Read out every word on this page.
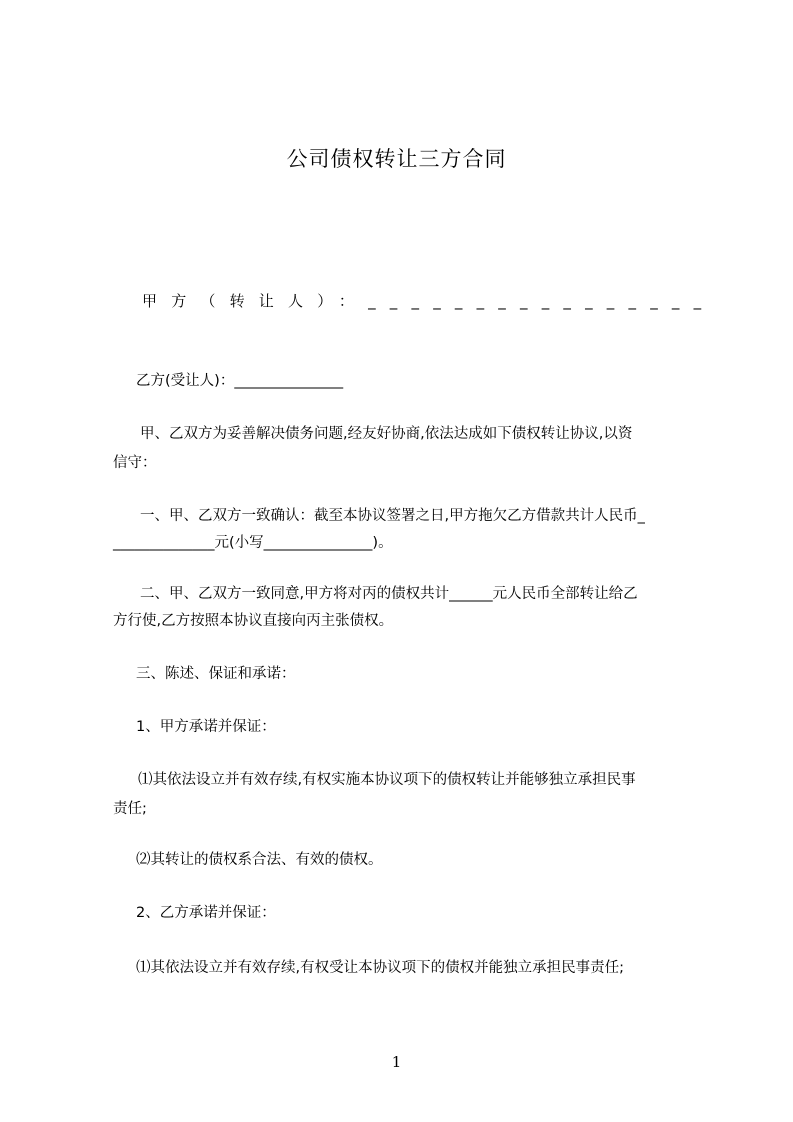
公司债权转让三方合同
甲方（转让人）：________________
乙方(受让人)：_______________
甲、乙双方为妥善解决债务问题,经友好协商,依法达成如下债权转让协议,以资
信守：
一、甲、乙双方一致确认：截至本协议签署之日,甲方拖欠乙方借款共计人民币_
______________元(小写_______________)。
二、甲、乙双方一致同意,甲方将对丙的债权共计______元人民币全部转让给乙
方行使,乙方按照本协议直接向丙主张债权。
三、陈述、保证和承诺：
1、甲方承诺并保证：
⑴其依法设立并有效存续,有权实施本协议项下的债权转让并能够独立承担民事
责任;
⑵其转让的债权系合法、有效的债权。
2、乙方承诺并保证：
⑴其依法设立并有效存续,有权受让本协议项下的债权并能独立承担民事责任;
1
